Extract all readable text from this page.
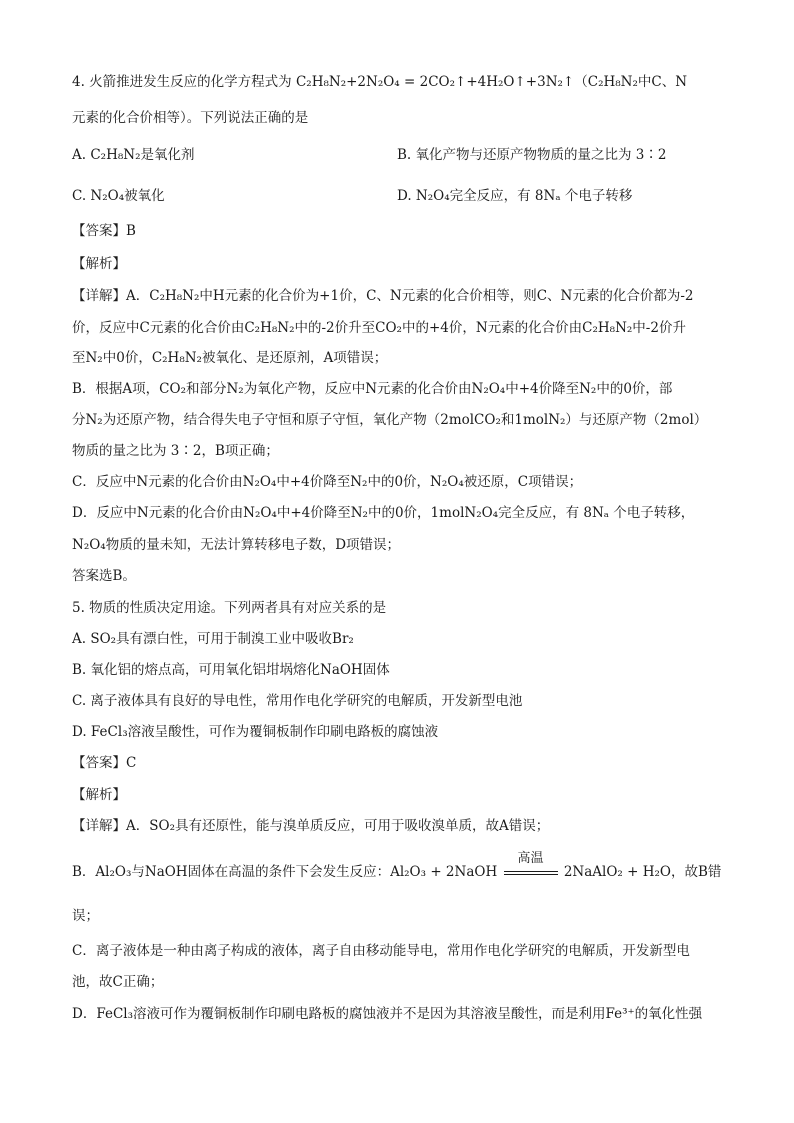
4. 火箭推进发生反应的化学方程式为 C₂H₈N₂+2N₂O₄ = 2CO₂↑+4H₂O↑+3N₂↑（C₂H₈N₂中C、N
元素的化合价相等）。下列说法正确的是
A. C₂H₈N₂是氧化剂	B. 氧化产物与还原产物物质的量之比为 3∶2
C. N₂O₄被氧化	D. N₂O₄完全反应，有 8Nₐ 个电子转移
【答案】B
【解析】
【详解】A．C₂H₈N₂中H元素的化合价为+1价，C、N元素的化合价相等，则C、N元素的化合价都为-2
价，反应中C元素的化合价由C₂H₈N₂中的-2价升至CO₂中的+4价，N元素的化合价由C₂H₈N₂中-2价升
至N₂中0价，C₂H₈N₂被氧化、是还原剂，A项错误；
B．根据A项，CO₂和部分N₂为氧化产物，反应中N元素的化合价由N₂O₄中+4价降至N₂中的0价，部
分N₂为还原产物，结合得失电子守恒和原子守恒，氧化产物（2molCO₂和1molN₂）与还原产物（2mol）
物质的量之比为 3∶2，B项正确；
C．反应中N元素的化合价由N₂O₄中+4价降至N₂中的0价，N₂O₄被还原，C项错误；
D．反应中N元素的化合价由N₂O₄中+4价降至N₂中的0价，1molN₂O₄完全反应，有 8Nₐ 个电子转移，
N₂O₄物质的量未知，无法计算转移电子数，D项错误；
答案选B。
5. 物质的性质决定用途。下列两者具有对应关系的是
A. SO₂具有漂白性，可用于制溴工业中吸收Br₂
B. 氧化铝的熔点高，可用氧化铝坩埚熔化NaOH固体
C. 离子液体具有良好的导电性，常用作电化学研究的电解质，开发新型电池
D. FeCl₃溶液呈酸性，可作为覆铜板制作印刷电路板的腐蚀液
【答案】C
【解析】
【详解】A．SO₂具有还原性，能与溴单质反应，可用于吸收溴单质，故A错误；
B．Al₂O₃与NaOH固体在高温的条件下会发生反应：Al₂O₃ + 2NaOH
高温
2NaAlO₂ + H₂O，故B错
误；
C．离子液体是一种由离子构成的液体，离子自由移动能导电，常用作电化学研究的电解质，开发新型电
池，故C正确；
D．FeCl₃溶液可作为覆铜板制作印刷电路板的腐蚀液并不是因为其溶液呈酸性，而是利用Fe³⁺的氧化性强
